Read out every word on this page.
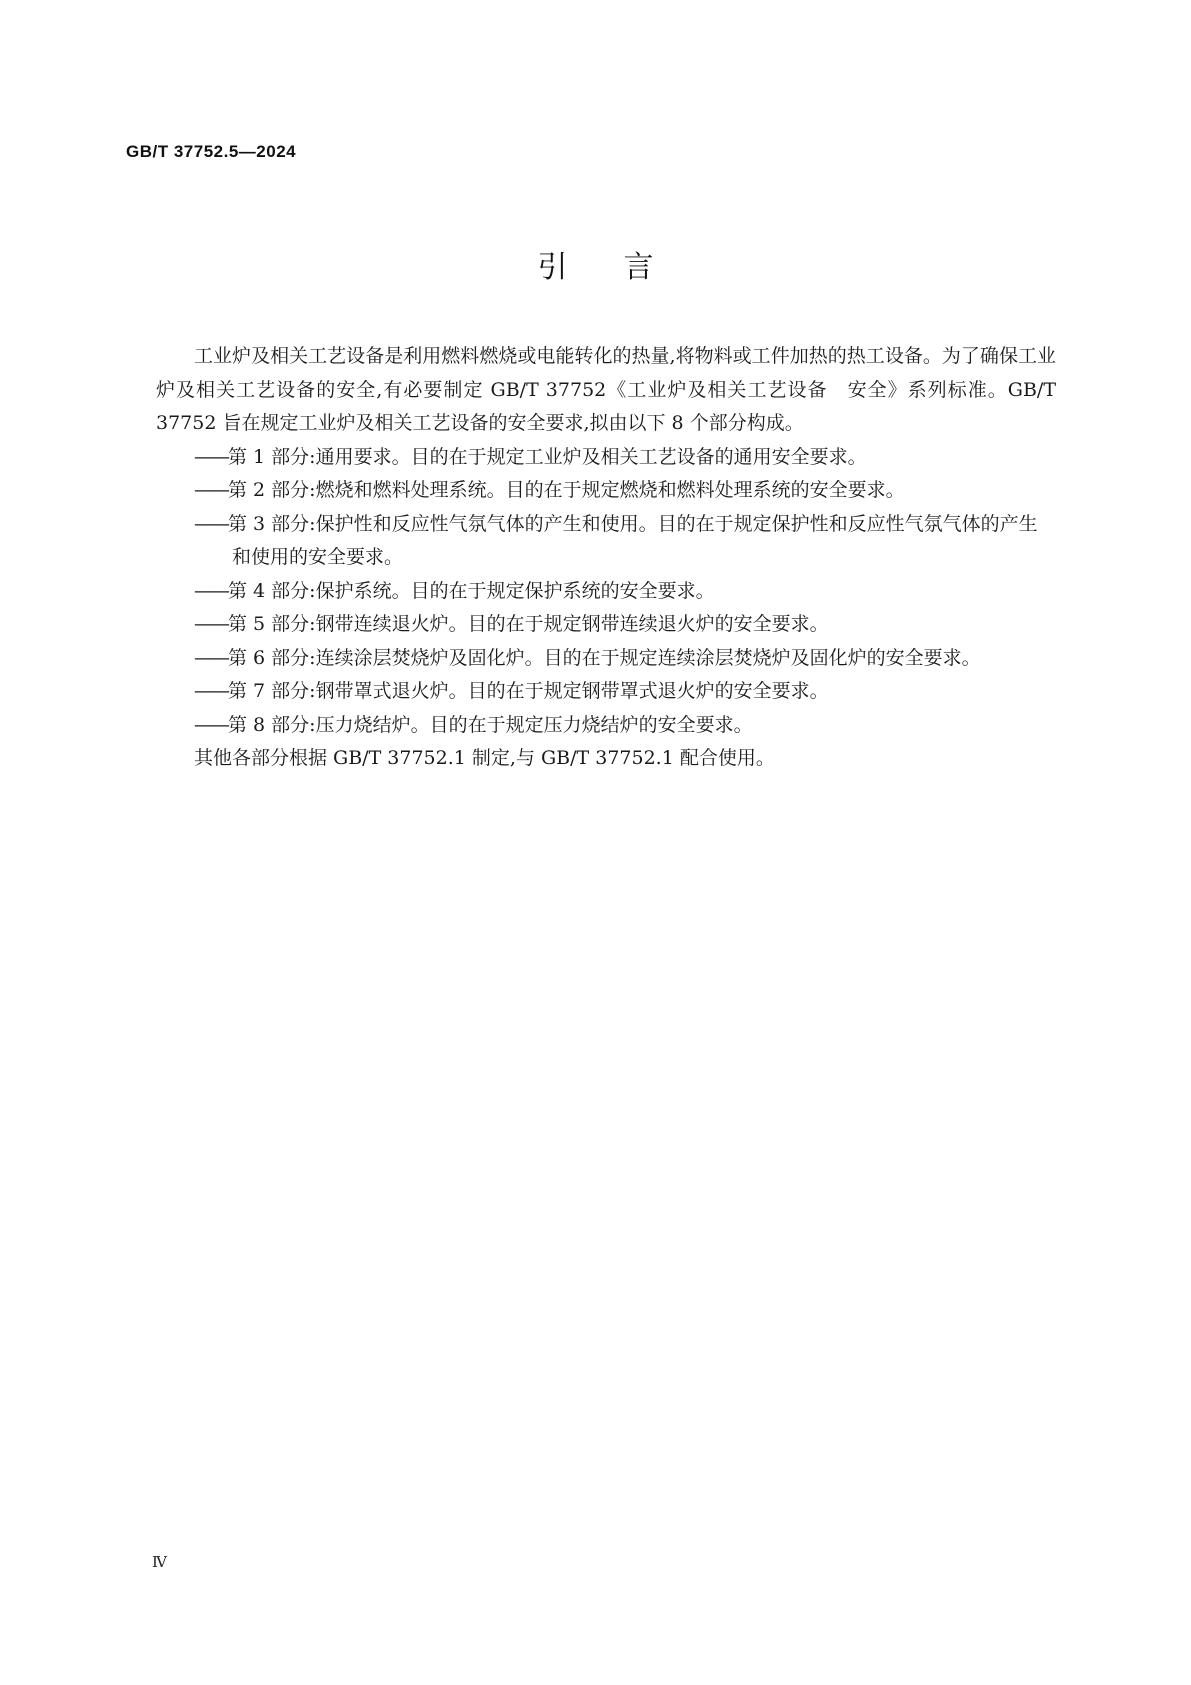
GB/T 37752.5—2024
引言

工业炉及相关工艺设备是利用燃料燃烧或电能转化的热量,将物料或工件加热的热工设备。为了确保工业炉及相关工艺设备的安全,有必要制定 GB/T 37752《工业炉及相关工艺设备　安全》系列标准。GB/T 37752 旨在规定工业炉及相关工艺设备的安全要求,拟由以下 8 个部分构成。

——第 1 部分:通用要求。目的在于规定工业炉及相关工艺设备的通用安全要求。

——第 2 部分:燃烧和燃料处理系统。目的在于规定燃烧和燃料处理系统的安全要求。

——第 3 部分:保护性和反应性气氛气体的产生和使用。目的在于规定保护性和反应性气氛气体的产生和使用的安全要求。

——第 4 部分:保护系统。目的在于规定保护系统的安全要求。

——第 5 部分:钢带连续退火炉。目的在于规定钢带连续退火炉的安全要求。

——第 6 部分:连续涂层焚烧炉及固化炉。目的在于规定连续涂层焚烧炉及固化炉的安全要求。

——第 7 部分:钢带罩式退火炉。目的在于规定钢带罩式退火炉的安全要求。

——第 8 部分:压力烧结炉。目的在于规定压力烧结炉的安全要求。

其他各部分根据 GB/T 37752.1 制定,与 GB/T 37752.1 配合使用。

Ⅳ
